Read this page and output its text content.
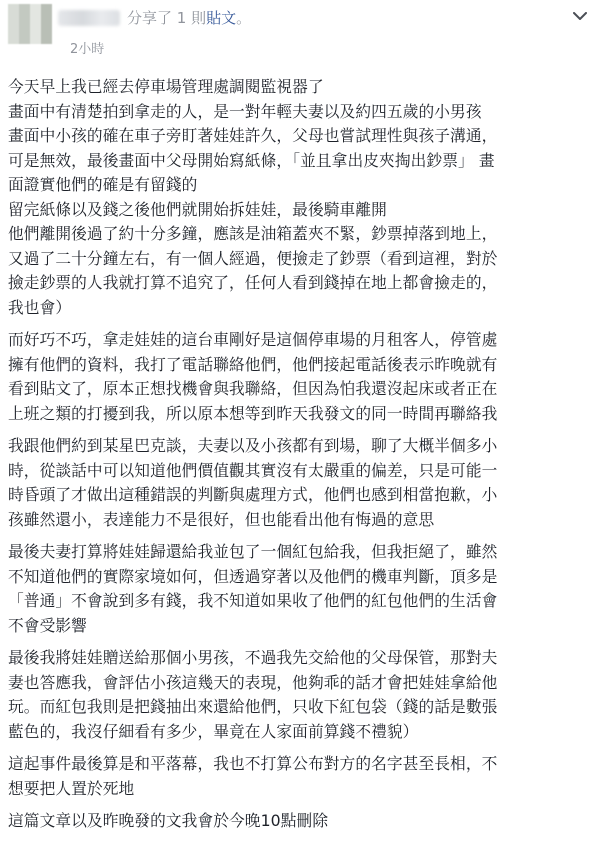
分享了 1 則貼文。
2小時
今天早上我已經去停車場管理處調閱監視器了
畫面中有清楚拍到拿走的人，是一對年輕夫妻以及約四五歲的小男孩
畫面中小孩的確在車子旁盯著娃娃許久，父母也嘗試理性與孩子溝通，
可是無效，最後畫面中父母開始寫紙條，「並且拿出皮夾掏出鈔票」 畫
面證實他們的確是有留錢的
留完紙條以及錢之後他們就開始拆娃娃，最後騎車離開
他們離開後過了約十分多鐘，應該是油箱蓋夾不緊，鈔票掉落到地上，
又過了二十分鐘左右，有一個人經過，便撿走了鈔票（看到這裡，對於
撿走鈔票的人我就打算不追究了，任何人看到錢掉在地上都會撿走的，
我也會）
而好巧不巧，拿走娃娃的這台車剛好是這個停車場的月租客人，停管處
擁有他們的資料，我打了電話聯絡他們，他們接起電話後表示昨晚就有
看到貼文了，原本正想找機會與我聯絡，但因為怕我還沒起床或者正在
上班之類的打擾到我，所以原本想等到昨天我發文的同一時間再聯絡我
我跟他們約到某星巴克談，夫妻以及小孩都有到場，聊了大概半個多小
時，從談話中可以知道他們價值觀其實沒有太嚴重的偏差，只是可能一
時昏頭了才做出這種錯誤的判斷與處理方式，他們也感到相當抱歉，小
孩雖然還小，表達能力不是很好，但也能看出他有悔過的意思
最後夫妻打算將娃娃歸還給我並包了一個紅包給我，但我拒絕了，雖然
不知道他們的實際家境如何，但透過穿著以及他們的機車判斷，頂多是
「普通」不會說到多有錢，我不知道如果收了他們的紅包他們的生活會
不會受影響
最後我將娃娃贈送給那個小男孩，不過我先交給他的父母保管，那對夫
妻也答應我，會評估小孩這幾天的表現，他夠乖的話才會把娃娃拿給他
玩。而紅包我則是把錢抽出來還給他們，只收下紅包袋（錢的話是數張
藍色的，我沒仔細看有多少，畢竟在人家面前算錢不禮貌）
這起事件最後算是和平落幕，我也不打算公布對方的名字甚至長相，不
想要把人置於死地
這篇文章以及昨晚發的文我會於今晚10點刪除
